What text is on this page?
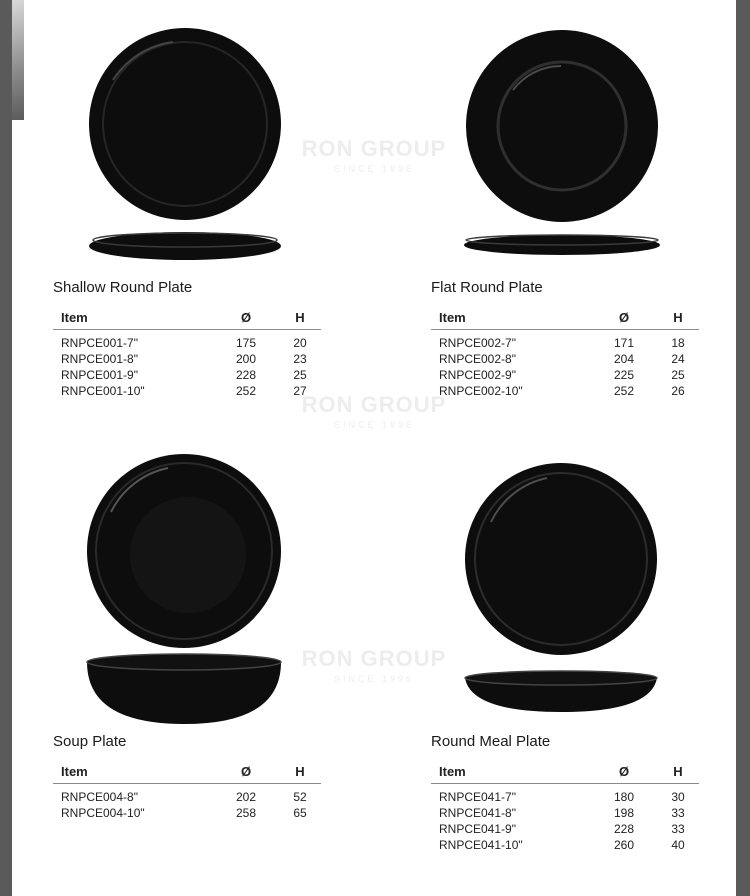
RON GROUP
SINCE 1996
RON GROUP
SINCE 1996
RON GROUP
SINCE 1996
Shallow Round Plate
Item	Ø	H
RNPCE001-7"	175	20
RNPCE001-8"	200	23
RNPCE001-9"	228	25
RNPCE001-10"	252	27
Flat Round Plate
Item	Ø	H
RNPCE002-7"	171	18
RNPCE002-8"	204	24
RNPCE002-9"	225	25
RNPCE002-10"	252	26
Soup Plate
Item	Ø	H
RNPCE004-8"	202	52
RNPCE004-10"	258	65
Round Meal Plate
Item	Ø	H
RNPCE041-7"	180	30
RNPCE041-8"	198	33
RNPCE041-9"	228	33
RNPCE041-10"	260	40
